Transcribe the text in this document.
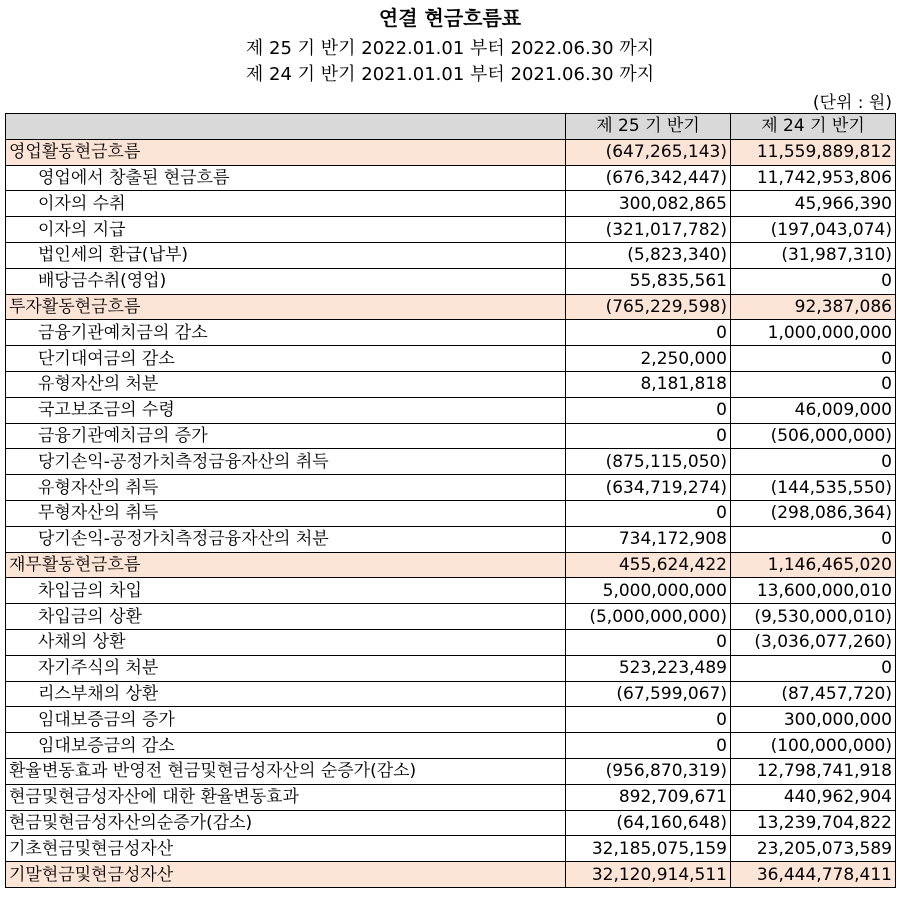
연결 현금흐름표
제 25 기 반기 2022.01.01 부터 2022.06.30 까지
제 24 기 반기 2021.01.01 부터 2021.06.30 까지
(단위 : 원)
	제 25 기 반기	제 24 기 반기
영업활동현금흐름	(647,265,143)	11,559,889,812
영업에서 창출된 현금흐름	(676,342,447)	11,742,953,806
이자의 수취	300,082,865	45,966,390
이자의 지급	(321,017,782)	(197,043,074)
법인세의 환급(납부)	(5,823,340)	(31,987,310)
배당금수취(영업)	55,835,561	0
투자활동현금흐름	(765,229,598)	92,387,086
금융기관예치금의 감소	0	1,000,000,000
단기대여금의 감소	2,250,000	0
유형자산의 처분	8,181,818	0
국고보조금의 수령	0	46,009,000
금융기관예치금의 증가	0	(506,000,000)
당기손익-공정가치측정금융자산의 취득	(875,115,050)	0
유형자산의 취득	(634,719,274)	(144,535,550)
무형자산의 취득	0	(298,086,364)
당기손익-공정가치측정금융자산의 처분	734,172,908	0
재무활동현금흐름	455,624,422	1,146,465,020
차입금의 차입	5,000,000,000	13,600,000,010
차입금의 상환	(5,000,000,000)	(9,530,000,010)
사채의 상환	0	(3,036,077,260)
자기주식의 처분	523,223,489	0
리스부채의 상환	(67,599,067)	(87,457,720)
임대보증금의 증가	0	300,000,000
임대보증금의 감소	0	(100,000,000)
환율변동효과 반영전 현금및현금성자산의 순증가(감소)	(956,870,319)	12,798,741,918
현금및현금성자산에 대한 환율변동효과	892,709,671	440,962,904
현금및현금성자산의순증가(감소)	(64,160,648)	13,239,704,822
기초현금및현금성자산	32,185,075,159	23,205,073,589
기말현금및현금성자산	32,120,914,511	36,444,778,411
